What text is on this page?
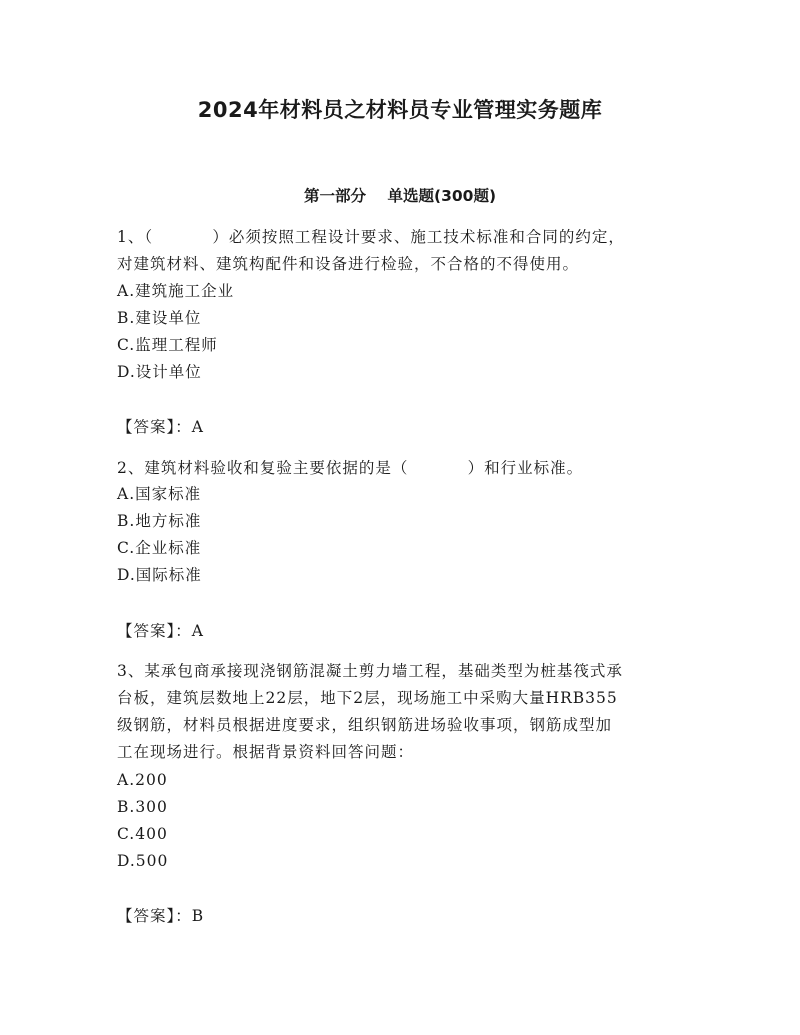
2024年材料员之材料员专业管理实务题库
第一部分    单选题(300题)
1、（          ）必须按照工程设计要求、施工技术标准和合同的约定，
对建筑材料、建筑构配件和设备进行检验，不合格的不得使用。
A.建筑施工企业
B.建设单位
C.监理工程师
D.设计单位
【答案】：A
2、建筑材料验收和复验主要依据的是（          ）和行业标准。
A.国家标准
B.地方标准
C.企业标准
D.国际标准
【答案】：A
3、某承包商承接现浇钢筋混凝土剪力墙工程，基础类型为桩基筏式承
台板，建筑层数地上22层，地下2层，现场施工中采购大量HRB355
级钢筋，材料员根据进度要求，组织钢筋进场验收事项，钢筋成型加
工在现场进行。根据背景资料回答问题：
A.200
B.300
C.400
D.500
【答案】：B
